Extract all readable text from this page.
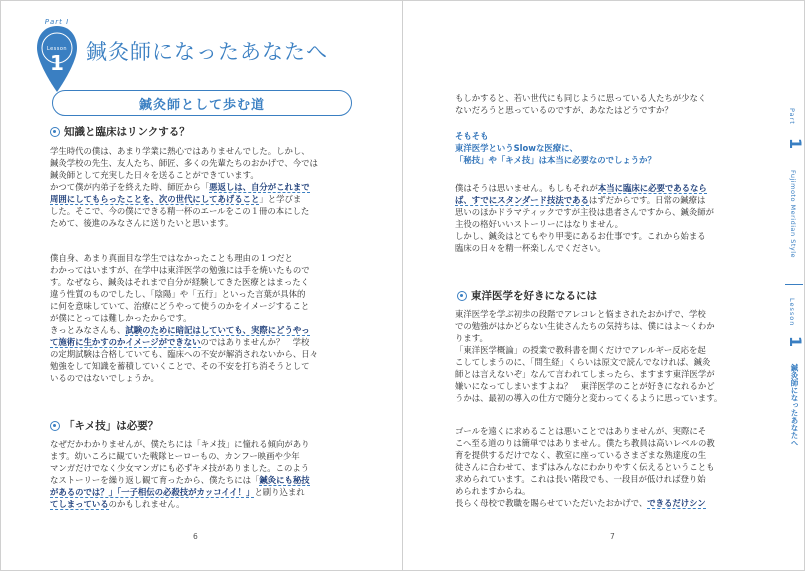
Part I
Lesson
1	鍼灸師になったあなたへ
鍼灸師として歩む道
知識と臨床はリンクする？
学生時代の僕は、あまり学業に熱心ではありませんでした。しかし、
鍼灸学校の先生、友人たち、師匠、多くの先輩たちのおかげで、今では
鍼灸師として充実した日々を送ることができています。
かつて僕が内弟子を終えた時、師匠から「悪返しは、自分がこれまで
周囲にしてもらったことを、次の世代にしてあげること」と学びま
した。そこで、今の僕にできる精一杯のエールをこの１冊の本にした
ためて、後進のみなさんに送りたいと思います。
僕自身、あまり真面目な学生ではなかったことも理由の１つだと
わかってはいますが、在学中は東洋医学の勉強には手を焼いたもので
す。なぜなら、鍼灸はそれまで自分が経験してきた医療とはまったく
違う性質のものでしたし、「陰陽」や「五行」といった言葉が具体的
に何を意味していて、治療にどうやって使うのかをイメージすること
が僕にとっては難しかったからです。
きっとみなさんも、試験のために暗記はしていても、実際にどうやっ
て施術に生かすのかイメージができないのではありませんか？　学校
の定期試験は合格していても、臨床への不安が解消されないから、日々
勉強をして知識を蓄積していくことで、その不安を打ち消そうとして
いるのではないでしょうか。
「キメ技」は必要？
なぜだかわかりませんが、僕たちには「キメ技」に憧れる傾向があり
ます。幼いころに観ていた戦隊ヒーローもの、カンフー映画や少年
マンガだけでなく少女マンガにも必ずキメ技がありました。このよう
なストーリーを繰り返し観て育ったから、僕たちには「鍼灸にも秘技
があるのでは？」「一子相伝の必殺技がカッコイイ！」と刷り込まれ
てしまっているのかもしれません。
6
もしかすると、若い世代にも同じように思っている人たちが少なく
ないだろうと思っているのですが、あなたはどうですか？
そもそも
東洋医学というSlowな医療に、
「秘技」や「キメ技」は本当に必要なのでしょうか？
僕はそうは思いません。もしもそれが本当に臨床に必要であるなら
ば、すでにスタンダード技法であるはずだからです。日常の鍼療は
思いのほかドラマティックですが主役は患者さんですから、鍼灸師が
主役の格好いいストーリーにはなりません。
しかし、鍼灸はとてもやり甲斐にあるお仕事です。これから始まる
臨床の日々を精一杯楽しんでください。
東洋医学を好きになるには
東洋医学を学ぶ初歩の段階でアレコレと悩まされたおかげで、学校
での勉強がはかどらない生徒さんたちの気持ちは、僕にはよ～くわか
ります。
「東洋医学概論」の授業で教科書を開くだけでアレルギー反応を起
こしてしまうのに、「問生経」くらいは原文で読んでなければ、鍼灸
師とは言えないぞ」なんて言われてしまったら、ますます東洋医学が
嫌いになってしまいますよね？　東洋医学のことが好きになれるかど
うかは、最初の導入の仕方で随分と変わってくるように思っています。
ゴールを遠くに求めることは悪いことではありませんが、実際にそ
こへ至る道のりは簡単ではありません。僕たち教員は高いレベルの教
育を提供するだけでなく、教室に座っているさまざまな熟達度の生
徒さんに合わせて、まずはみんなにわかりやすく伝えるということも
求められています。これは長い階段でも、一段目が低ければ登り始
められますからね。
長らく母校で教職を賜らせていただいたおかげで、できるだけシン
7
Part
1
Fujimoto Meridian Style
Lesson
1
鍼灸師になったあなたへ
